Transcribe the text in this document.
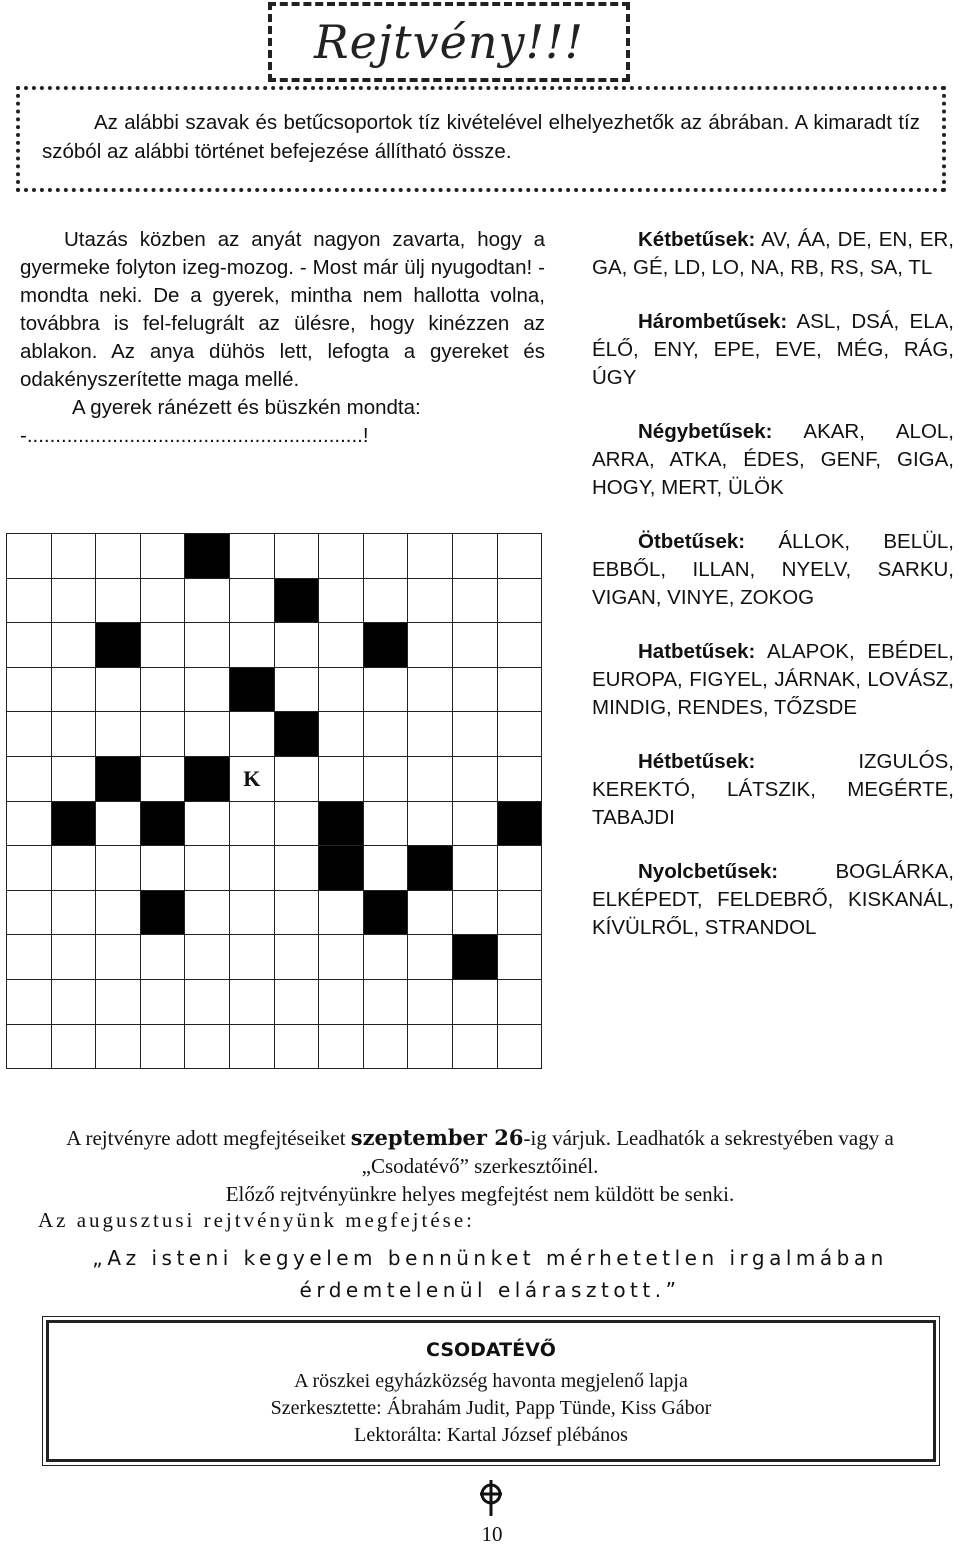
Rejtvény!!!

Az alábbi szavak és betűcsoportok tíz kivételével elhelyezhetők az ábrában. A kimaradt tíz szóból az alábbi történet befejezése állítható össze.

Utazás közben az anyát nagyon zavarta, hogy a gyermeke folyton izeg-mozog. - Most már ülj nyugodtan! - mondta neki. De a gyerek, mintha nem hallotta volna, továbbra is fel-felugrált az ülésre, hogy kinézzen az ablakon. Az anya dühös lett, lefogta a gyereket és odakényszerítette maga mellé.

A gyerek ránézett és büszkén mondta:

-...........................................................!

					K						

Kétbetűsek: AV, ÁA, DE, EN, ER, GA, GÉ, LD, LO, NA, RB, RS, SA, TL

Hárombetűsek: ASL, DSÁ, ELA, ÉLŐ, ENY, EPE, EVE, MÉG, RÁG, ÚGY

Négybetűsek: AKAR, ALOL, ARRA, ATKA, ÉDES, GENF, GIGA, HOGY, MERT, ÜLÖK

Ötbetűsek: ÁLLOK, BELÜL, EBBŐL, ILLAN, NYELV, SARKU, VIGAN, VINYE, ZOKOG

Hatbetűsek: ALAPOK, EBÉDEL, EUROPA, FIGYEL, JÁRNAK, LOVÁSZ, MINDIG, RENDES, TŐZSDE

Hétbetűsek:	IZGULÓS, KEREKTÓ, LÁTSZIK, MEGÉRTE, TABAJDI

Nyolcbetűsek:	BOGLÁRKA, ELKÉPEDT, FELDEBRŐ, KISKANÁL, KÍVÜLRŐL, STRANDOL

A rejtvényre adott megfejtéseiket szeptember 26-ig várjuk. Leadhatók a sekrestyében vagy a „Csodatévő” szerkesztőinél.
Előző rejtvényünkre helyes megfejtést nem küldött be senki.
Az augusztusi rejtvényünk megfejtése:
„Az isteni kegyelem bennünket mérhetetlen irgalmában
érdemtelenül elárasztott.”
CSODATÉVŐ
A röszkei egyházközség havonta megjelenő lapja
Szerkesztette: Ábrahám Judit, Papp Tünde, Kiss Gábor
Lektorálta: Kartal József plébános
10
